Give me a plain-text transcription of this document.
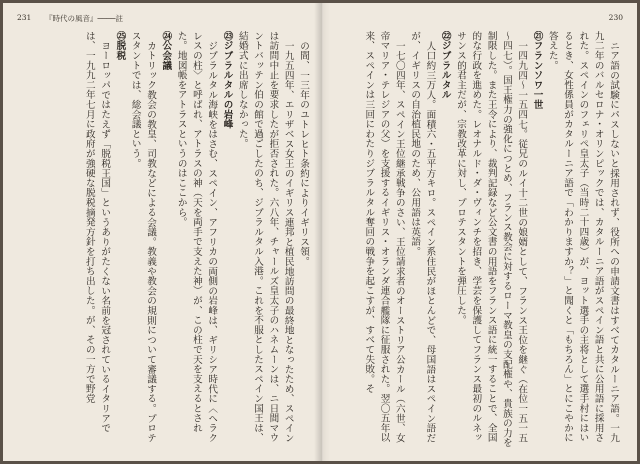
231 『時代の風音』────註
の間、一三年のユトレヒト条約によりイギリス領。
一九五四年、エリザベス女王のイギリス連邦と植民地訪問の最終地となったため、スペインは訪問中止を要求したが拒否された。六八年、チャールズ皇太子のハネムーンは、ニ日間マウントバッテン伯の館で過ごしたのち、ジブラルタル入港。これを不服としたスペイン国王は、結婚式に出席しなかった。
㉓ジブラルタルの岩峰
ジブラルタル海峡をはさむ、スペイン、アフリカの両側の岩峰は、ギリシア時代に〈ヘラクレスの柱〉と呼ばれ、アトラスの神（天を両手で支えた神）が、この柱で天を支えるとされた。地図帳をアトラスというのはここから。
㉔公会議
カトリック教会の教皇、司教などによる会議。教義や教会の規則について審議する。プロテスタントでは、総会議という。
㉕脱税
ヨーロッパではたえず「脱税王国」というありがたくない名前を冠されているイタリアでは、一九九二年七月に政府が強硬な脱税摘発方針を打ち出した。が、その一方で野党
230
ニア語の試験にパスしないと採用されず、役所への申請文書はすべてカタルーニア語。一九九二年のバルセロナ・オリンピックでは、カタルーニア語がスペイン語と共に公用語に採用された。スペインのフェリペ皇太子（当時二十四歳）が、ヨット選手の主将として選手村にはいるとき、女性係員がカタルーニア語で「わかりますか？」と聞くと「もちろん」とにこやかに答えた。
㉑フランソワ一世
一四九四～一五四七。従兄のルイ十二世の娘婿として、フランス王位を継ぐ（在位一五一五～四七）。国王権力の強化につとめ、フランス教会に対するローマ教皇の支配権や、貴族の力を制限した。また王令により、裁判記録など公文書の用語をフランス語に統一することで、全国的な行政を進めた。レオナルド・ダ・ヴィンチを招き、学芸を保護してフランス最初のルネッサンス的君主だが、宗教改革に対し、プロテスタントを弾圧した。
㉒ジブラルタル
人口約三万人。面積六・五平方キロ。スペイン系住民がほとんどで、母国語はスペイン語だが、イギリスの自治植民地のため、公用語は英語。
一七〇四年、スペイン王位継承戦争のさい、王位請求者のオーストリア公カール（六世、女帝マリア・テレジアの父）を支援するイギリス・オランダ連合艦隊に征服された。翌〇五年以来、スペインは三回にわたりジブラルタル奪回の戦争を起こすが、すべて失敗。そ
